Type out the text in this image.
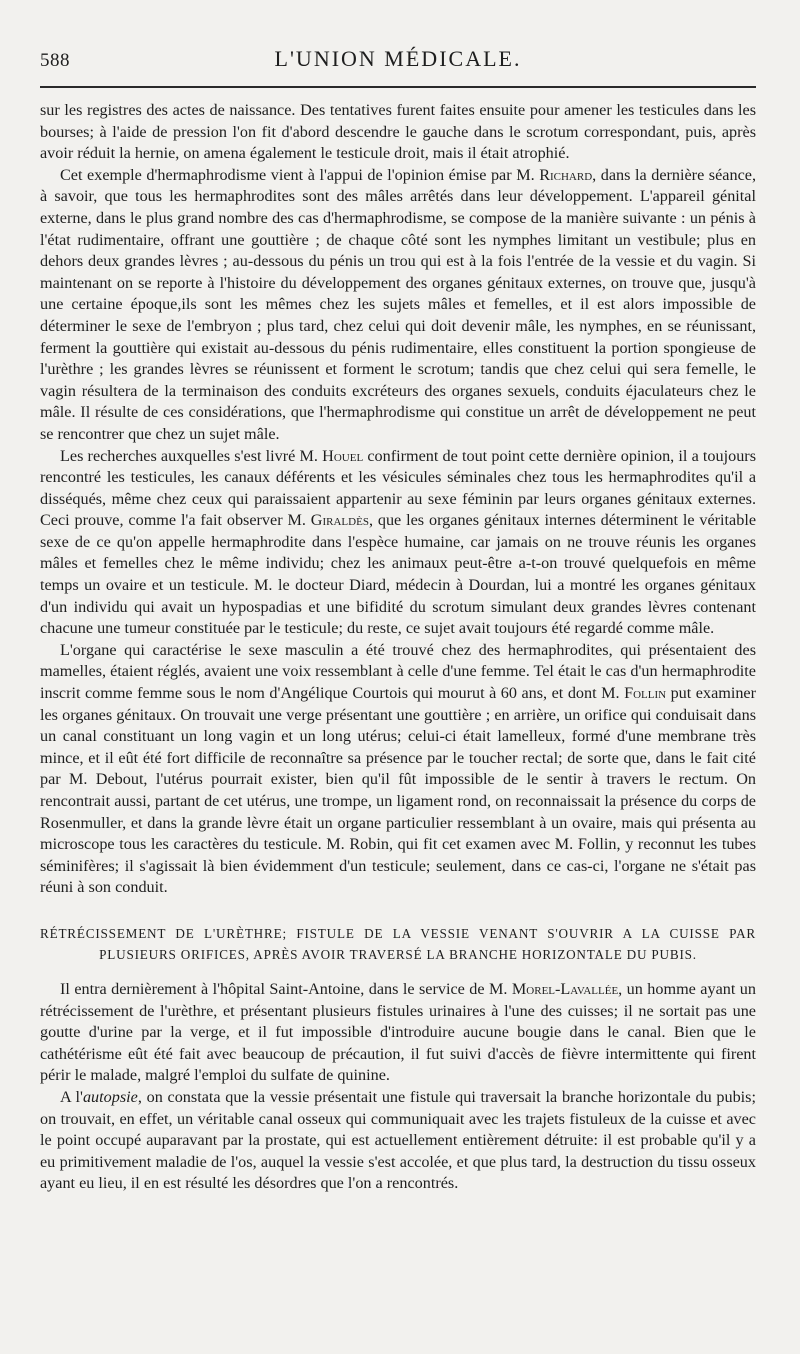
588	L'UNION MÉDICALE.

sur les registres des actes de naissance. Des tentatives furent faites ensuite pour amener les testicules dans les bourses; à l'aide de pression l'on fit d'abord descendre le gauche dans le scrotum correspondant, puis, après avoir réduit la hernie, on amena également le testicule droit, mais il était atrophié.

Cet exemple d'hermaphrodisme vient à l'appui de l'opinion émise par M. Richard, dans la dernière séance, à savoir, que tous les hermaphrodites sont des mâles arrêtés dans leur développement. L'appareil génital externe, dans le plus grand nombre des cas d'hermaphrodisme, se compose de la manière suivante : un pénis à l'état rudimentaire, offrant une gouttière ; de chaque côté sont les nymphes limitant un vestibule; plus en dehors deux grandes lèvres ; au-dessous du pénis un trou qui est à la fois l'entrée de la vessie et du vagin. Si maintenant on se reporte à l'histoire du développement des organes génitaux externes, on trouve que, jusqu'à une certaine époque,ils sont les mêmes chez les sujets mâles et femelles, et il est alors impossible de déterminer le sexe de l'embryon ; plus tard, chez celui qui doit devenir mâle, les nymphes, en se réunissant, ferment la gouttière qui existait au-dessous du pénis rudimentaire, elles constituent la portion spongieuse de l'urèthre ; les grandes lèvres se réunissent et forment le scrotum; tandis que chez celui qui sera femelle, le vagin résultera de la terminaison des conduits excréteurs des organes sexuels, conduits éjaculateurs chez le mâle. Il résulte de ces considérations, que l'hermaphrodisme qui constitue un arrêt de développement ne peut se rencontrer que chez un sujet mâle.

Les recherches auxquelles s'est livré M. Houel confirment de tout point cette dernière opinion, il a toujours rencontré les testicules, les canaux déférents et les vésicules séminales chez tous les hermaphrodites qu'il a disséqués, même chez ceux qui paraissaient appartenir au sexe féminin par leurs organes génitaux externes. Ceci prouve, comme l'a fait observer M. Giraldès, que les organes génitaux internes déterminent le véritable sexe de ce qu'on appelle hermaphrodite dans l'espèce humaine, car jamais on ne trouve réunis les organes mâles et femelles chez le même individu; chez les animaux peut-être a-t-on trouvé quelquefois en même temps un ovaire et un testicule. M. le docteur Diard, médecin à Dourdan, lui a montré les organes génitaux d'un individu qui avait un hypospadias et une bifidité du scrotum simulant deux grandes lèvres contenant chacune une tumeur constituée par le testicule; du reste, ce sujet avait toujours été regardé comme mâle.

L'organe qui caractérise le sexe masculin a été trouvé chez des hermaphrodites, qui présentaient des mamelles, étaient réglés, avaient une voix ressemblant à celle d'une femme. Tel était le cas d'un hermaphrodite inscrit comme femme sous le nom d'Angélique Courtois qui mourut à 60 ans, et dont M. Follin put examiner les organes génitaux. On trouvait une verge présentant une gouttière ; en arrière, un orifice qui conduisait dans un canal constituant un long vagin et un long utérus; celui-ci était lamelleux, formé d'une membrane très mince, et il eût été fort difficile de reconnaître sa présence par le toucher rectal; de sorte que, dans le fait cité par M. Debout, l'utérus pourrait exister, bien qu'il fût impossible de le sentir à travers le rectum. On rencontrait aussi, partant de cet utérus, une trompe, un ligament rond, on reconnaissait la présence du corps de Rosenmuller, et dans la grande lèvre était un organe particulier ressemblant à un ovaire, mais qui présenta au microscope tous les caractères du testicule. M. Robin, qui fit cet examen avec M. Follin, y reconnut les tubes séminifères; il s'agissait là bien évidemment d'un testicule; seulement, dans ce cas-ci, l'organe ne s'était pas réuni à son conduit.

RÉTRÉCISSEMENT DE L'URÈTHRE; FISTULE DE LA VESSIE VENANT S'OUVRIR A LA CUISSE PAR
PLUSIEURS ORIFICES, APRÈS AVOIR TRAVERSÉ LA BRANCHE HORIZONTALE DU PUBIS.

Il entra dernièrement à l'hôpital Saint-Antoine, dans le service de M. Morel-Lavallée, un homme ayant un rétrécissement de l'urèthre, et présentant plusieurs fistules urinaires à l'une des cuisses; il ne sortait pas une goutte d'urine par la verge, et il fut impossible d'introduire aucune bougie dans le canal. Bien que le cathétérisme eût été fait avec beaucoup de précaution, il fut suivi d'accès de fièvre intermittente qui firent périr le malade, malgré l'emploi du sulfate de quinine.

A l'autopsie, on constata que la vessie présentait une fistule qui traversait la branche horizontale du pubis; on trouvait, en effet, un véritable canal osseux qui communiquait avec les trajets fistuleux de la cuisse et avec le point occupé auparavant par la prostate, qui est actuellement entièrement détruite: il est probable qu'il y a eu primitivement maladie de l'os, auquel la vessie s'est accolée, et que plus tard, la destruction du tissu osseux ayant eu lieu, il en est résulté les désordres que l'on a rencontrés.
